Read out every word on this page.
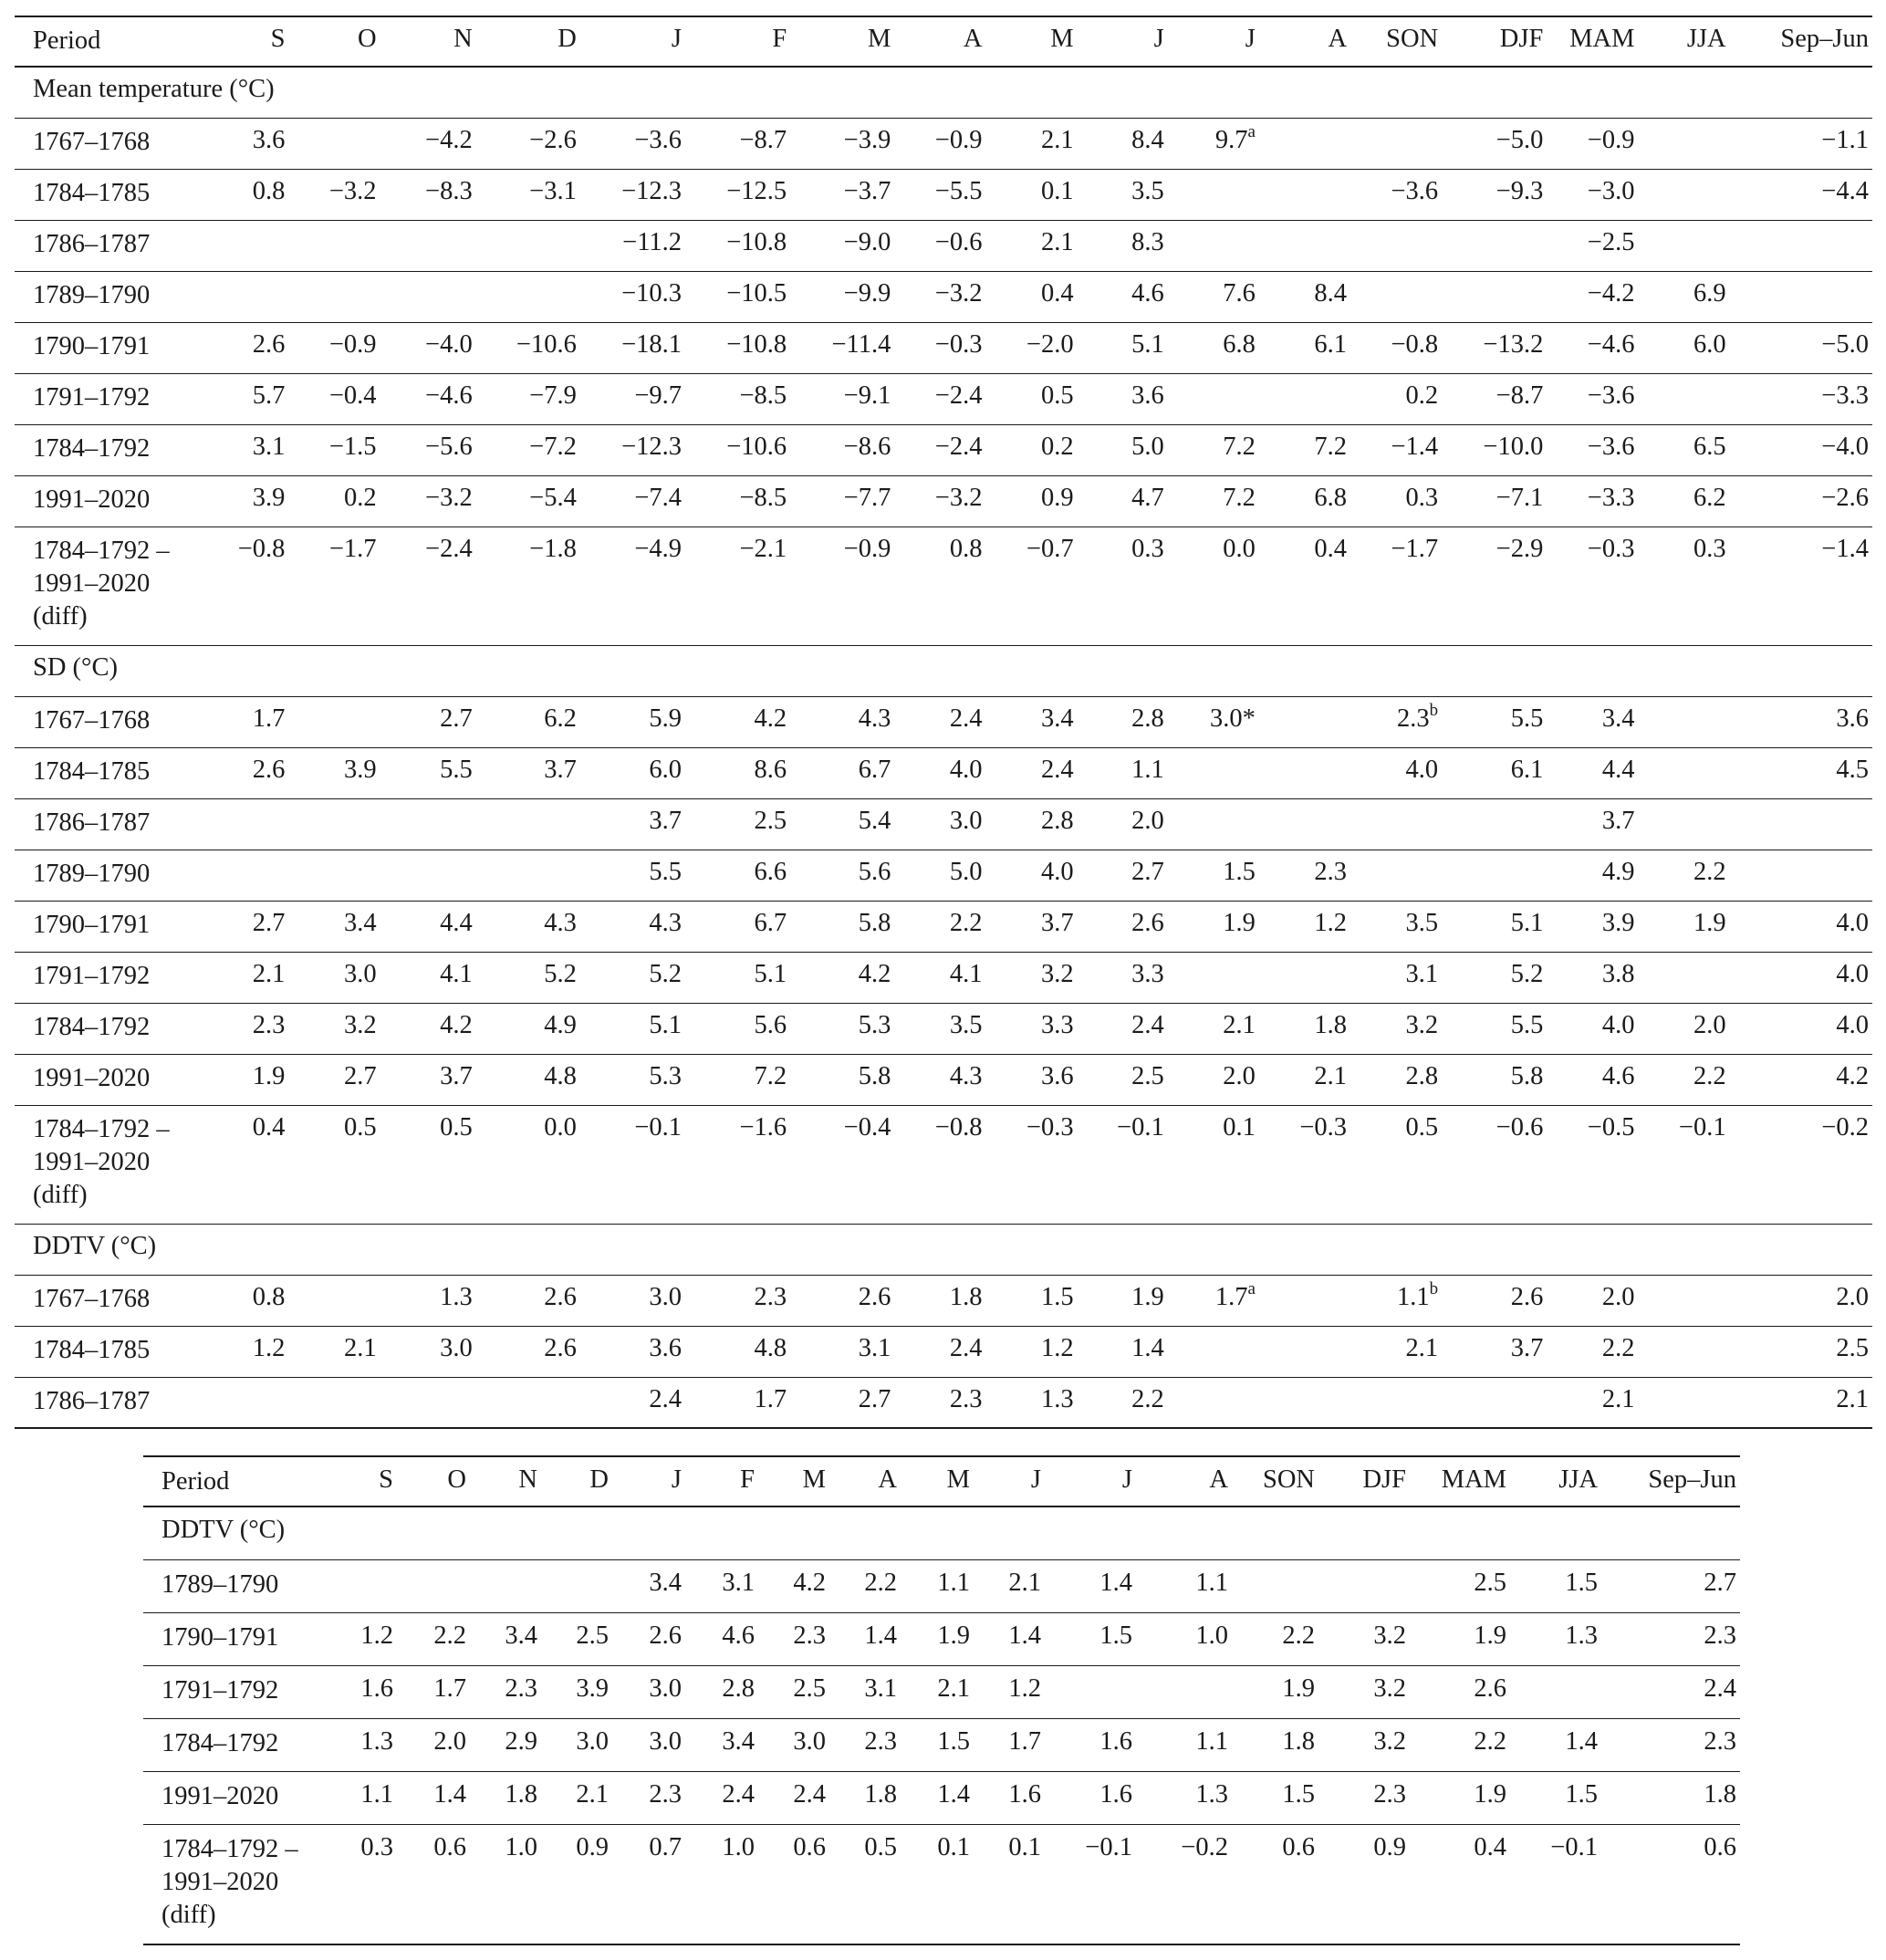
Period	S	O	N	D	J	F	M	A	M	J	J	A	SON	DJF	MAM	JJA	Sep–Jun
Mean temperature (°C)																	
1767–1768	3.6		−4.2	−2.6	−3.6	−8.7	−3.9	−0.9	2.1	8.4	9.7$^a$			−5.0	−0.9		−1.1
1784–1785	0.8	−3.2	−8.3	−3.1	−12.3	−12.5	−3.7	−5.5	0.1	3.5			−3.6	−9.3	−3.0		−4.4
1786–1787					−11.2	−10.8	−9.0	−0.6	2.1	8.3					−2.5		
1789–1790					−10.3	−10.5	−9.9	−3.2	0.4	4.6	7.6	8.4			−4.2	6.9	
1790–1791	2.6	−0.9	−4.0	−10.6	−18.1	−10.8	−11.4	−0.3	−2.0	5.1	6.8	6.1	−0.8	−13.2	−4.6	6.0	−5.0
1791–1792	5.7	−0.4	−4.6	−7.9	−9.7	−8.5	−9.1	−2.4	0.5	3.6			0.2	−8.7	−3.6		−3.3
1784–1792	3.1	−1.5	−5.6	−7.2	−12.3	−10.6	−8.6	−2.4	0.2	5.0	7.2	7.2	−1.4	−10.0	−3.6	6.5	−4.0
1991–2020	3.9	0.2	−3.2	−5.4	−7.4	−8.5	−7.7	−3.2	0.9	4.7	7.2	6.8	0.3	−7.1	−3.3	6.2	−2.6
1784–1792 – 1991–2020 (diff)	−0.8	−1.7	−2.4	−1.8	−4.9	−2.1	−0.9	0.8	−0.7	0.3	0.0	0.4	−1.7	−2.9	−0.3	0.3	−1.4
SD (°C)																	
1767–1768	1.7		2.7	6.2	5.9	4.2	4.3	2.4	3.4	2.8	3.0*		2.3$^b$	5.5	3.4		3.6
1784–1785	2.6	3.9	5.5	3.7	6.0	8.6	6.7	4.0	2.4	1.1			4.0	6.1	4.4		4.5
1786–1787					3.7	2.5	5.4	3.0	2.8	2.0					3.7		
1789–1790					5.5	6.6	5.6	5.0	4.0	2.7	1.5	2.3			4.9	2.2	
1790–1791	2.7	3.4	4.4	4.3	4.3	6.7	5.8	2.2	3.7	2.6	1.9	1.2	3.5	5.1	3.9	1.9	4.0
1791–1792	2.1	3.0	4.1	5.2	5.2	5.1	4.2	4.1	3.2	3.3			3.1	5.2	3.8		4.0
1784–1792	2.3	3.2	4.2	4.9	5.1	5.6	5.3	3.5	3.3	2.4	2.1	1.8	3.2	5.5	4.0	2.0	4.0
1991–2020	1.9	2.7	3.7	4.8	5.3	7.2	5.8	4.3	3.6	2.5	2.0	2.1	2.8	5.8	4.6	2.2	4.2
1784–1792 – 1991–2020 (diff)	0.4	0.5	0.5	0.0	−0.1	−1.6	−0.4	−0.8	−0.3	−0.1	0.1	−0.3	0.5	−0.6	−0.5	−0.1	−0.2
DDTV (°C)																	
1767–1768	0.8		1.3	2.6	3.0	2.3	2.6	1.8	1.5	1.9	1.7$^a$		1.1$^b$	2.6	2.0		2.0
1784–1785	1.2	2.1	3.0	2.6	3.6	4.8	3.1	2.4	1.2	1.4			2.1	3.7	2.2		2.5
1786–1787					2.4	1.7	2.7	2.3	1.3	2.2					2.1		2.1
Period	S	O	N	D	J	F	M	A	M	J	J	A	SON	DJF	MAM	JJA	Sep–Jun
DDTV (°C)																	
1789–1790					3.4	3.1	4.2	2.2	1.1	2.1	1.4	1.1			2.5	1.5	2.7
1790–1791	1.2	2.2	3.4	2.5	2.6	4.6	2.3	1.4	1.9	1.4	1.5	1.0	2.2	3.2	1.9	1.3	2.3
1791–1792	1.6	1.7	2.3	3.9	3.0	2.8	2.5	3.1	2.1	1.2			1.9	3.2	2.6		2.4
1784–1792	1.3	2.0	2.9	3.0	3.0	3.4	3.0	2.3	1.5	1.7	1.6	1.1	1.8	3.2	2.2	1.4	2.3
1991–2020	1.1	1.4	1.8	2.1	2.3	2.4	2.4	1.8	1.4	1.6	1.6	1.3	1.5	2.3	1.9	1.5	1.8
1784–1792 – 1991–2020 (diff)	0.3	0.6	1.0	0.9	0.7	1.0	0.6	0.5	0.1	0.1	−0.1	−0.2	0.6	0.9	0.4	−0.1	0.6
